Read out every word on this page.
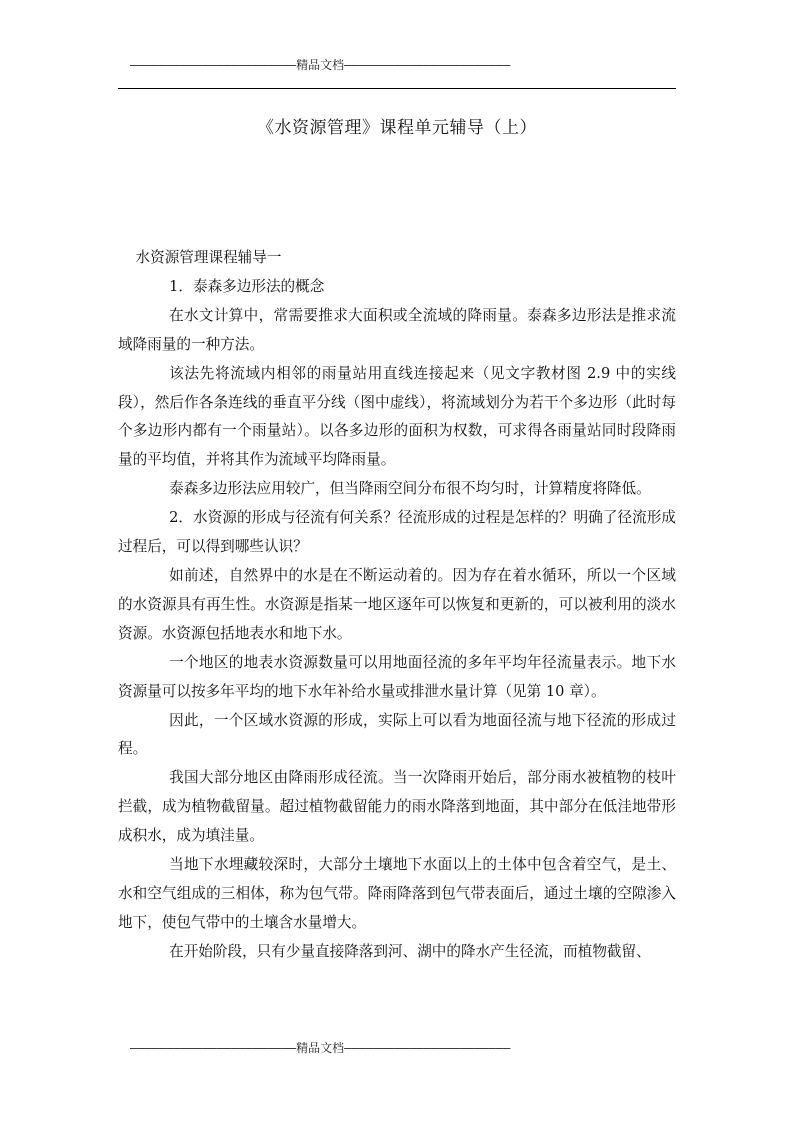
———————————————————————精品文档———————————————————————
《水资源管理》课程单元辅导（上）

水资源管理课程辅导一

1．泰森多边形法的概念

在水文计算中，常需要推求大面积或全流域的降雨量。泰森多边形法是推求流域降雨量的一种方法。

该法先将流域内相邻的雨量站用直线连接起来（见文字教材图 2.9 中的实线段），然后作各条连线的垂直平分线（图中虚线），将流域划分为若干个多边形（此时每个多边形内都有一个雨量站）。以各多边形的面积为权数，可求得各雨量站同时段降雨量的平均值，并将其作为流域平均降雨量。

泰森多边形法应用较广，但当降雨空间分布很不均匀时，计算精度将降低。

2．水资源的形成与径流有何关系？径流形成的过程是怎样的？明确了径流形成过程后，可以得到哪些认识？

如前述，自然界中的水是在不断运动着的。因为存在着水循环，所以一个区域的水资源具有再生性。水资源是指某一地区逐年可以恢复和更新的，可以被利用的淡水资源。水资源包括地表水和地下水。

一个地区的地表水资源数量可以用地面径流的多年平均年径流量表示。地下水资源量可以按多年平均的地下水年补给水量或排泄水量计算（见第 10 章）。

因此，一个区域水资源的形成，实际上可以看为地面径流与地下径流的形成过程。

我国大部分地区由降雨形成径流。当一次降雨开始后，部分雨水被植物的枝叶拦截，成为植物截留量。超过植物截留能力的雨水降落到地面，其中部分在低洼地带形成积水，成为填洼量。

当地下水埋藏较深时，大部分土壤地下水面以上的土体中包含着空气，是土、水和空气组成的三相体，称为包气带。降雨降落到包气带表面后，通过土壤的空隙渗入地下，使包气带中的土壤含水量增大。

在开始阶段，只有少量直接降落到河、湖中的降水产生径流，而植物截留、

———————————————————————精品文档———————————————————————
